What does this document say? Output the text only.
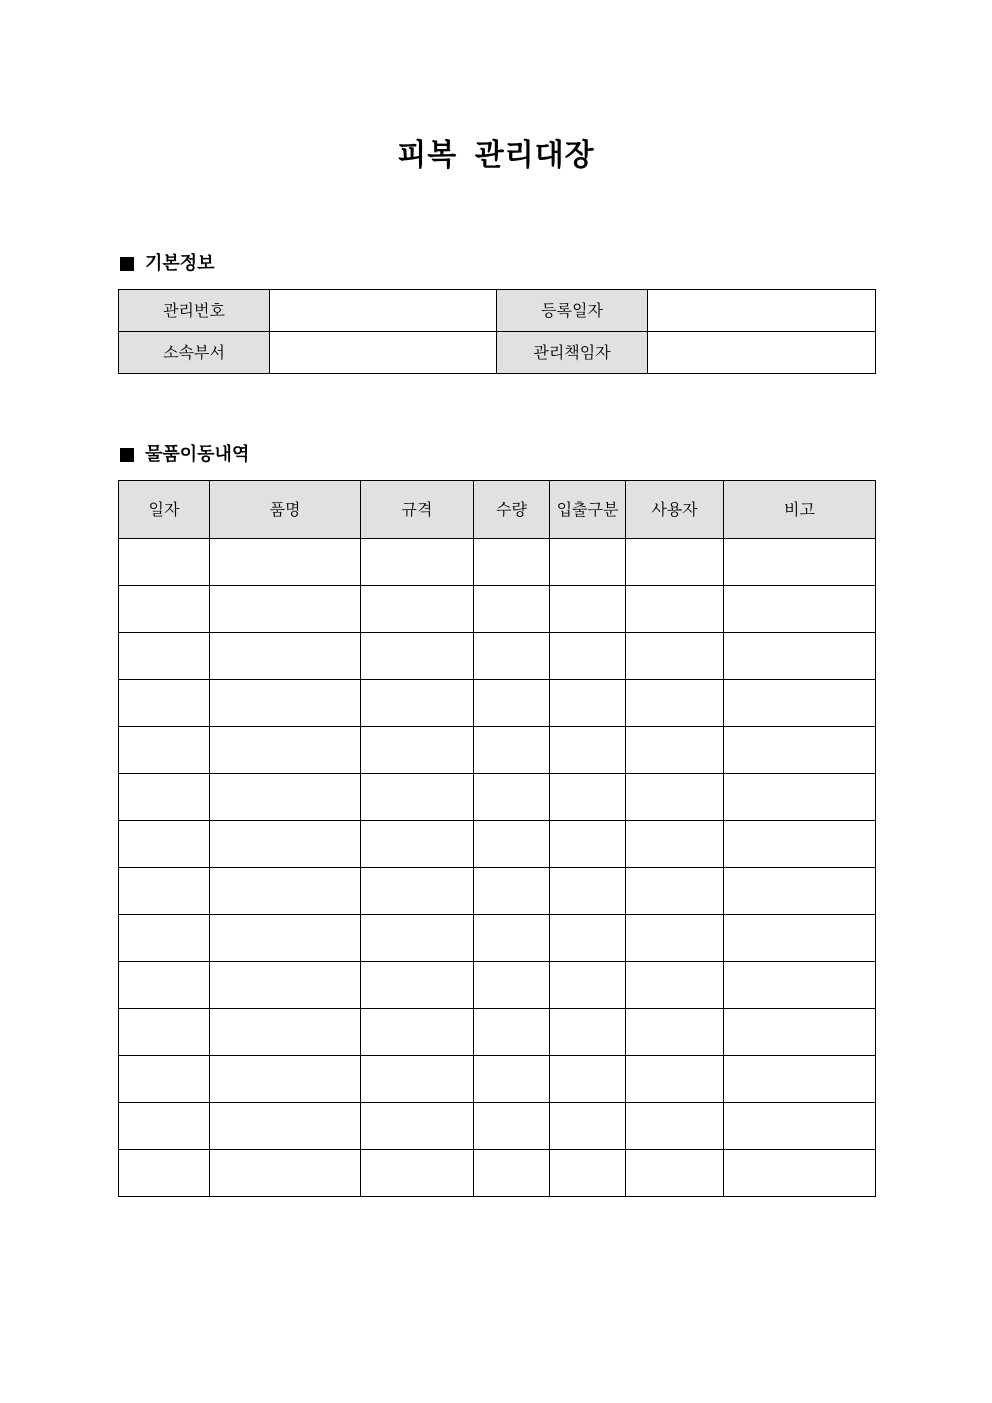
피복 관리대장
기본정보
관리번호		등록일자	
소속부서		관리책임자	
물품이동내역
일자	품명	규격	수량	입출구분	사용자	비고
